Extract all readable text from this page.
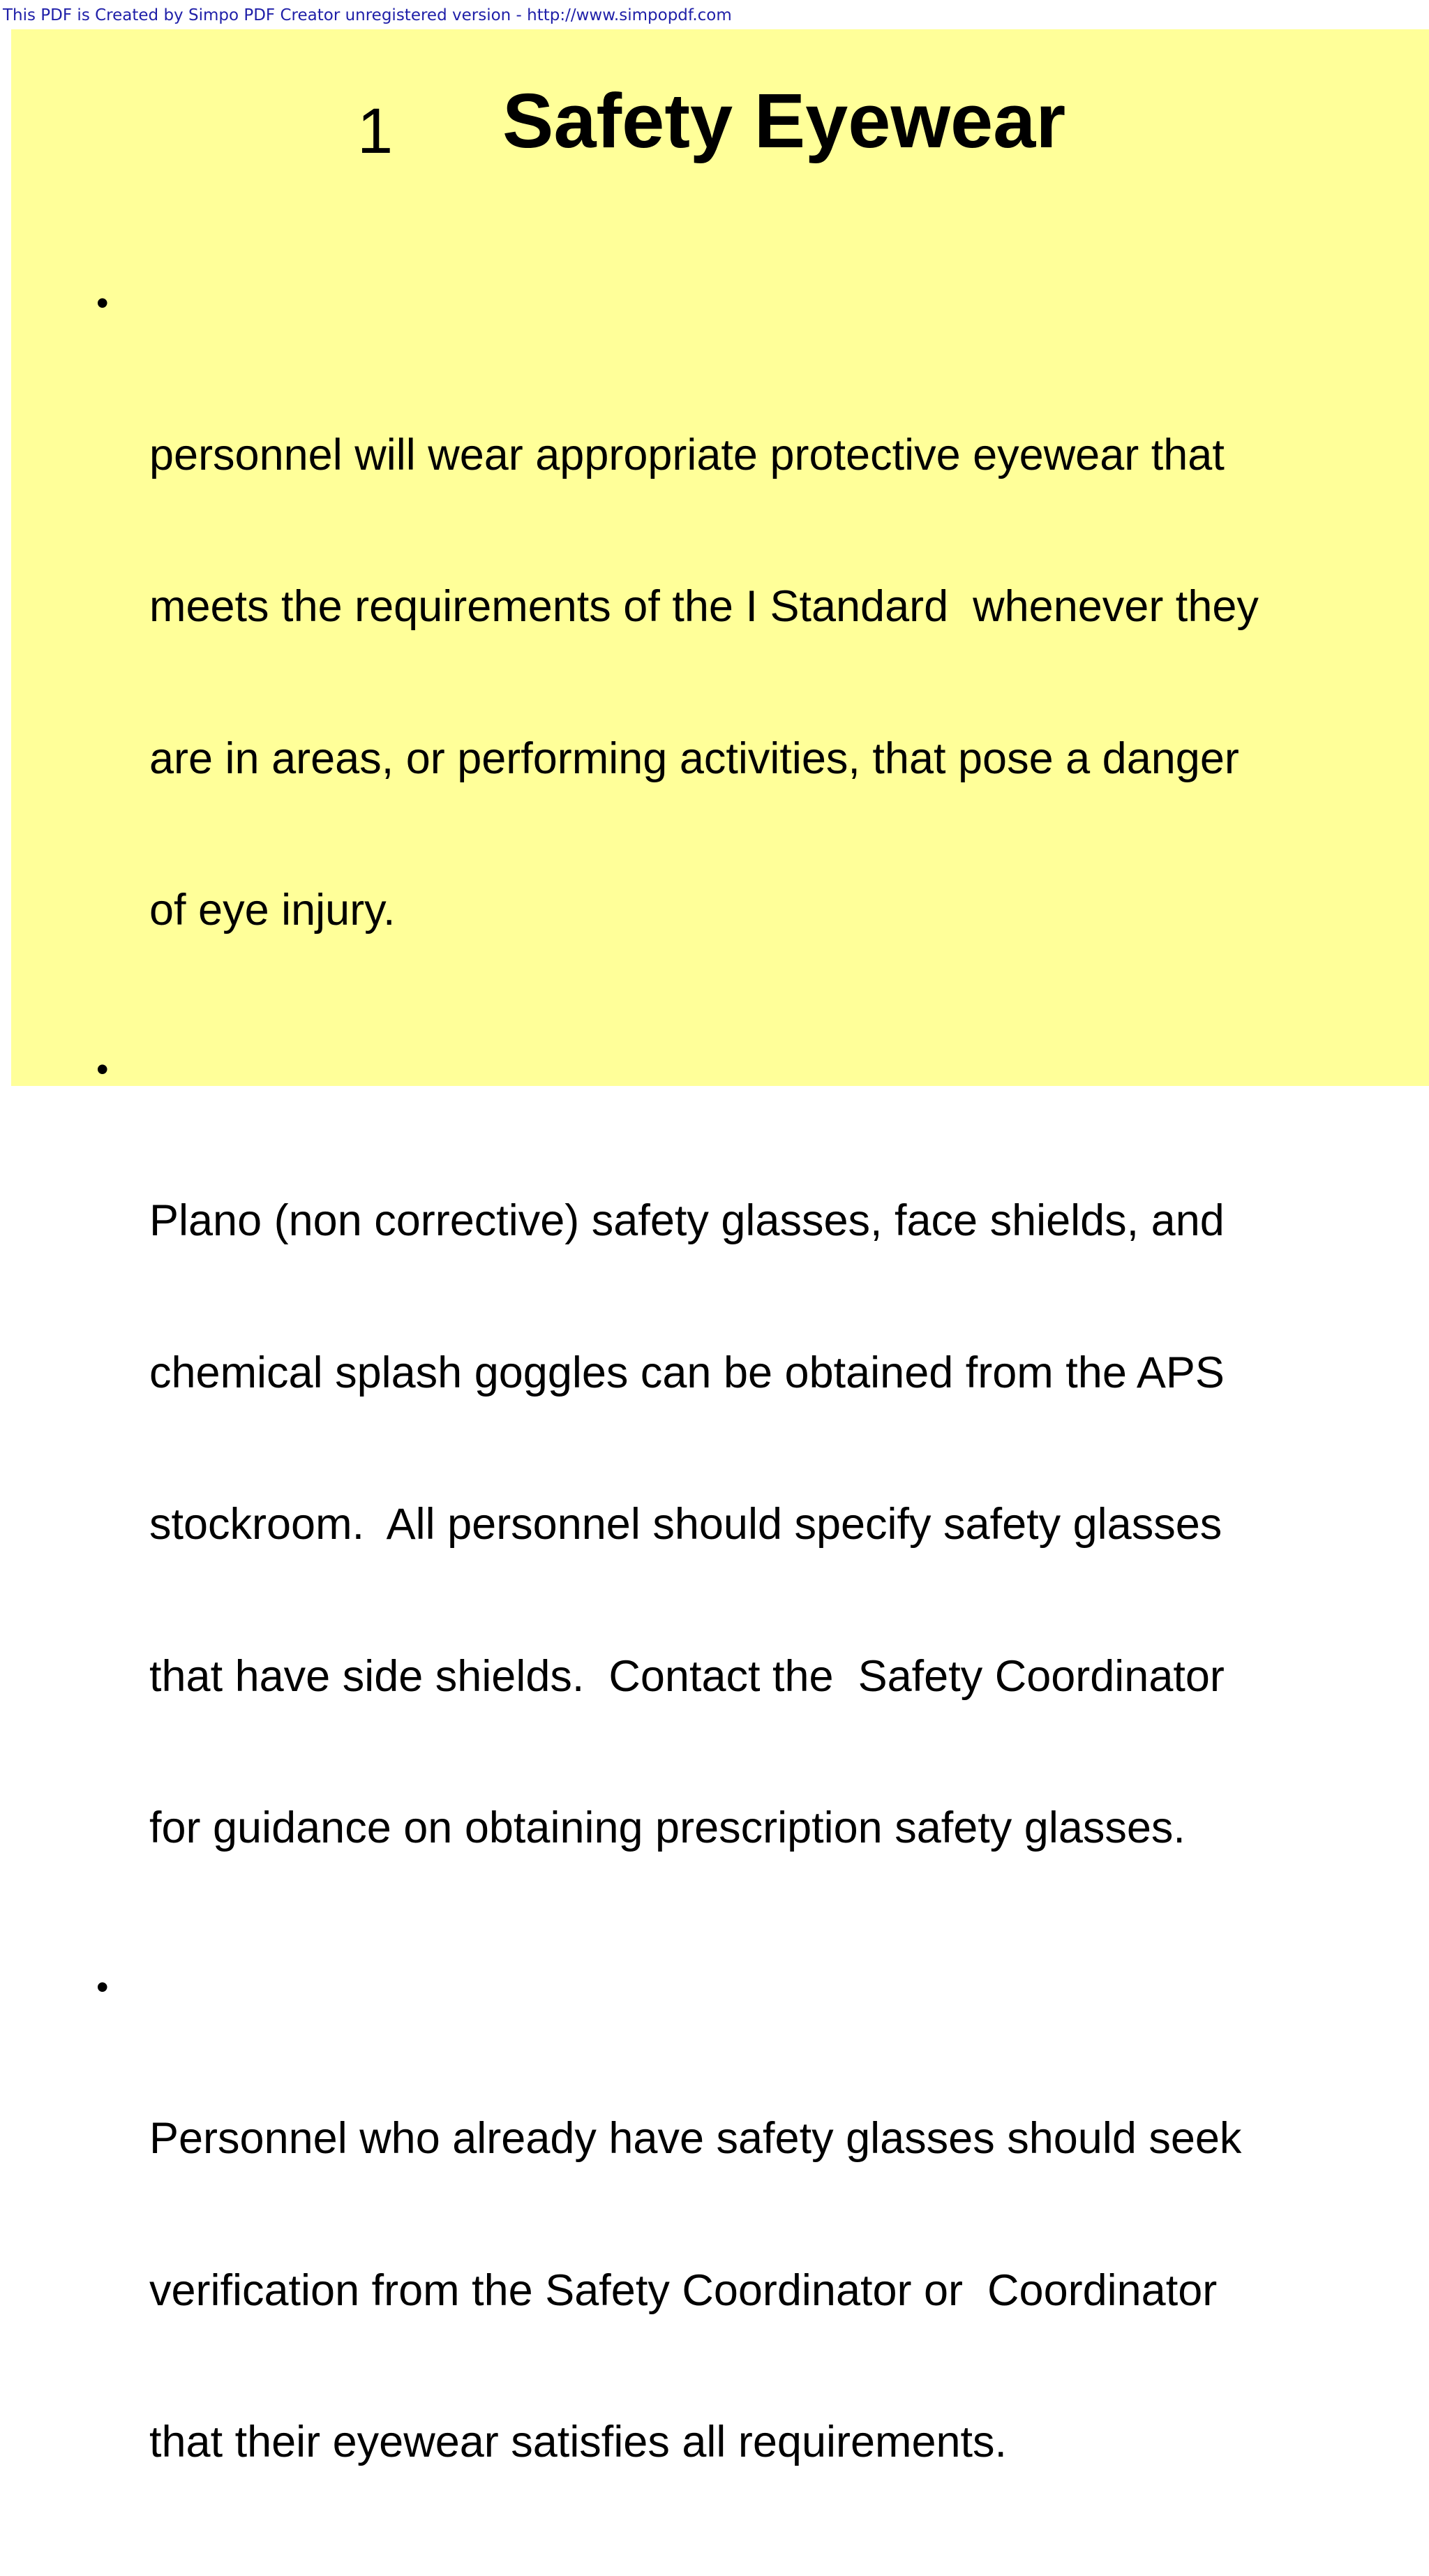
This PDF is Created by Simpo PDF Creator unregistered version - http://www.simpopdf.com
1 Safety Eyewear

•

personnel will wear appropriate protective eyewear that

meets the requirements of the I Standard  whenever they

are in areas, or performing activities, that pose a danger

of eye injury.

•

Plano (non corrective) safety glasses, face shields, and

chemical splash goggles can be obtained from the APS

stockroom.  All personnel should specify safety glasses

that have side shields.  Contact the  Safety Coordinator

for guidance on obtaining prescription safety glasses.

•

Personnel who already have safety glasses should seek

verification from the Safety Coordinator or  Coordinator

that their eyewear satisfies all requirements.
